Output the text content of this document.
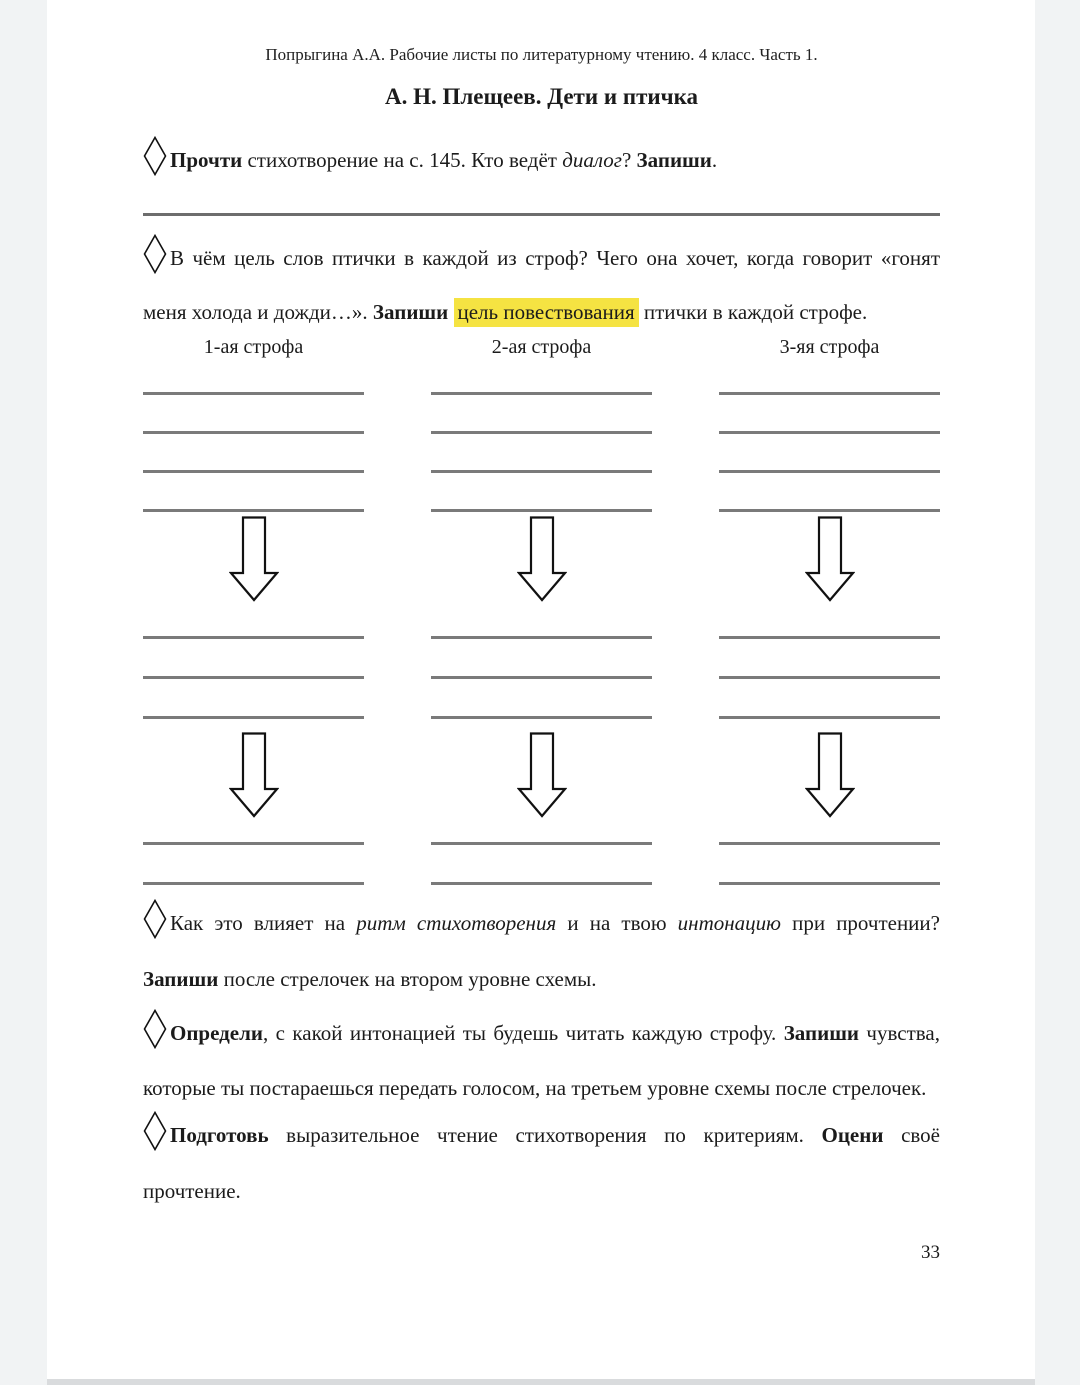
Попрыгина А.А. Рабочие листы по литературному чтению. 4 класс. Часть 1.
А. Н. Плещеев. Дети и птичка

Прочти стихотворение на с. 145. Кто ведёт диалог? Запиши.

В чём цель слов птички в каждой из строф? Чего она хочет, когда говорит «гонят меня холода и дожди…». Запиши цель повествования птички в каждой строфе.

1-ая строфа	2-ая строфа	3-яя строфа

Как это влияет на ритм стихотворения и на твою интонацию при прочтении? Запиши после стрелочек на втором уровне схемы.

Определи, с какой интонацией ты будешь читать каждую строфу. Запиши чувства, которые ты постараешься передать голосом, на третьем уровне схемы после стрелочек.

Подготовь выразительное чтение стихотворения по критериям. Оцени своё прочтение.

33
